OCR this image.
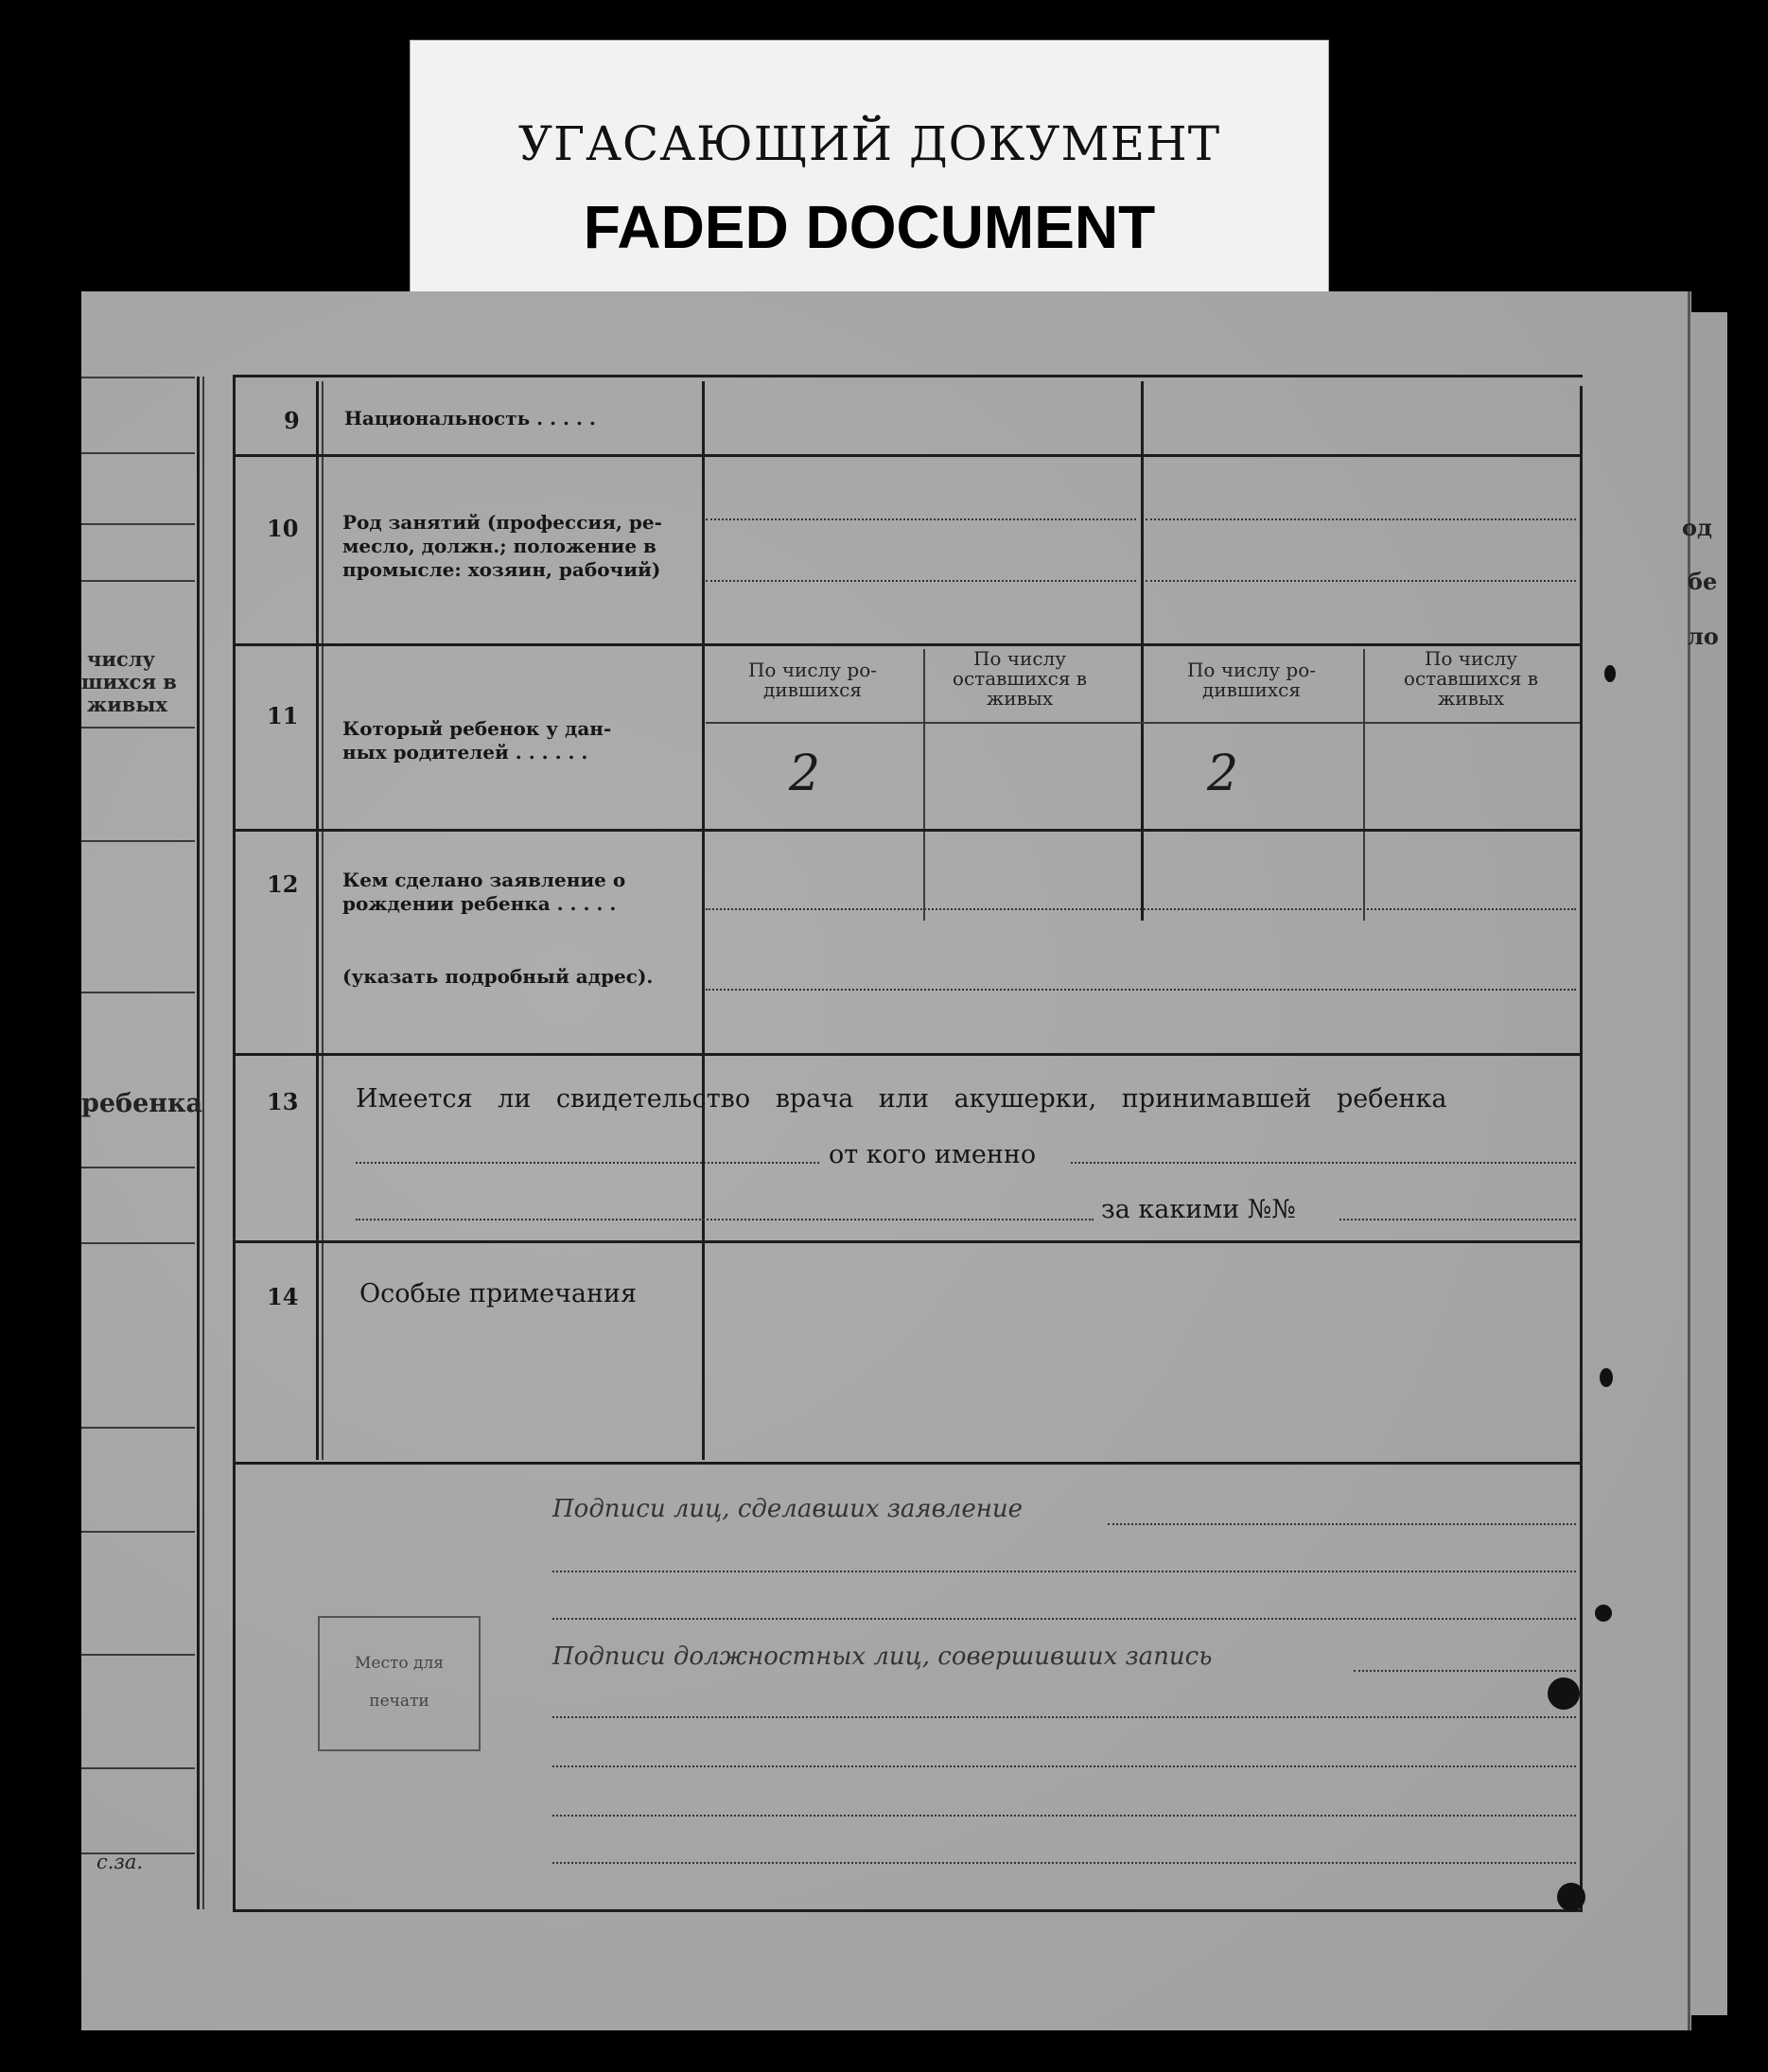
УГАСАЮЩИЙ ДОКУМЕНТ
FADED DOCUMENT
числу
шихся в
живых
ребенка
с.за.
од
бе
ло
9 Национальность . . . . .
10 Род занятий (профессия, ре-
месло, должн.; положение в
промысле: хозяин, рабочий)
11 Который ребенок у дан-
ных родителей . . . . . .
По числу ро- дившихся
По числу оставшихся в живых
По числу ро- дившихся
По числу оставшихся в живых
2	2
12 Кем сделано заявление о
рождении ребенка . . . . .
(указать подробный адрес).
13 Имеется ли свидетельство врача или акушерки, принимавшей ребенка
от кого именно
за какими №№
14 Особые примечания
Подписи лиц, сделавших заявление
Подписи должностных лиц, совершивших запись
Место для
печати
